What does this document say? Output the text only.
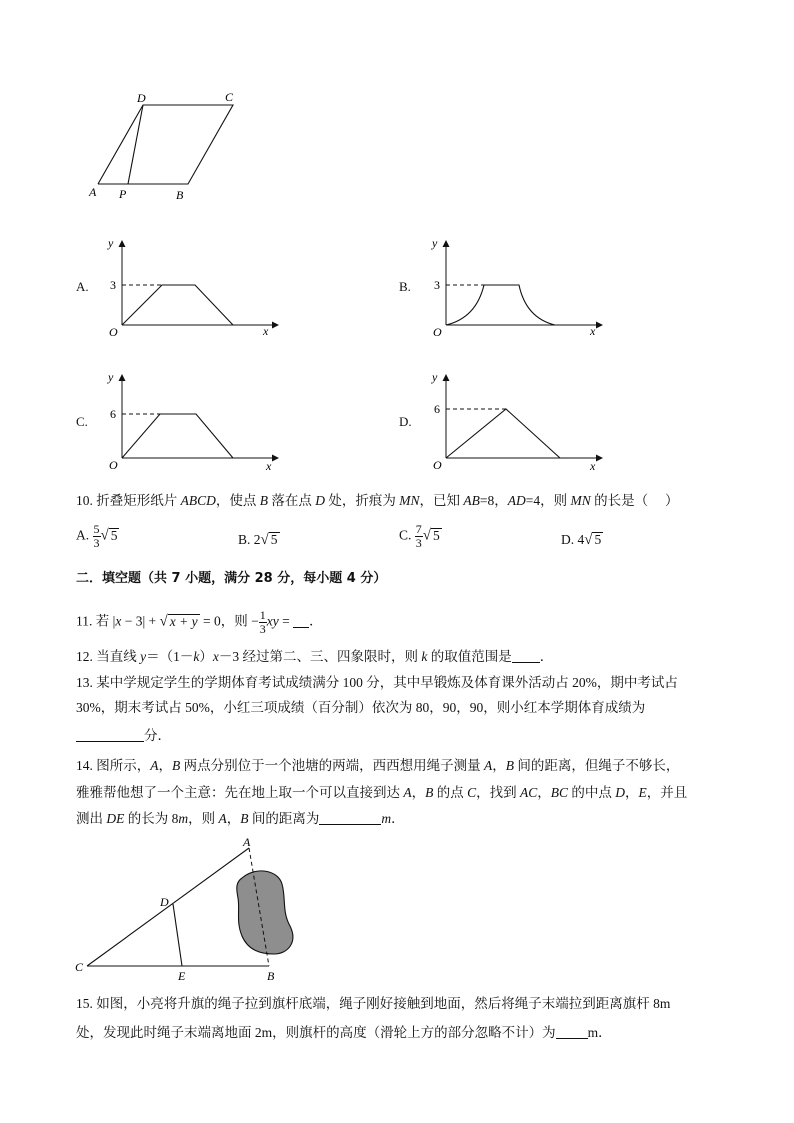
D	C
A P	B
A. 3
O	x
y
B. 3
O	x
y
C. 6
O	x
y
D.
6
O	x
y
10. 折叠矩形纸片 ABCD，使点 B 落在点 D 处，折痕为 MN，已知 AB=8，AD=4，则 MN 的长是（　 ）
A. $\frac{5}{3}$ √ 5	B. 2√ 5	C. $\frac{7}{3}$ √ 5	D. 4√ 5
二．填空题（共 7 小题，满分 28 分，每小题 4 分）
11. 若 |x − 3| + √ x + y = 0，则 − $\frac{1}{3}$ xy = ．
12. 当直线 y＝（1－k）x－3 经过第二、三、四象限时，则 k 的取值范围是 ．
13. 某中学规定学生的学期体育考试成绩满分 100 分，其中早锻炼及体育课外活动占 20%，期中考试占
30%，期末考试占 50%，小红三项成绩（百分制）依次为 80，90，90，则小红本学期体育成绩为
分．
14. 图所示，A，B 两点分别位于一个池塘的两端，西西想用绳子测量 A，B 间的距离，但绳子不够长，
雅雅帮他想了一个主意：先在地上取一个可以直接到达 A，B 的点 C，找到 AC，BC 的中点 D，E，并且
测出 DE 的长为 8m，则 A，B 间的距离为	m．
A
B
C
D
E
15. 如图，小亮将升旗的绳子拉到旗杆底端，绳子刚好接触到地面，然后将绳子末端拉到距离旗杆 8m
处，发现此时绳子末端离地面 2m，则旗杆的高度（滑轮上方的部分忽略不计）为 m．
